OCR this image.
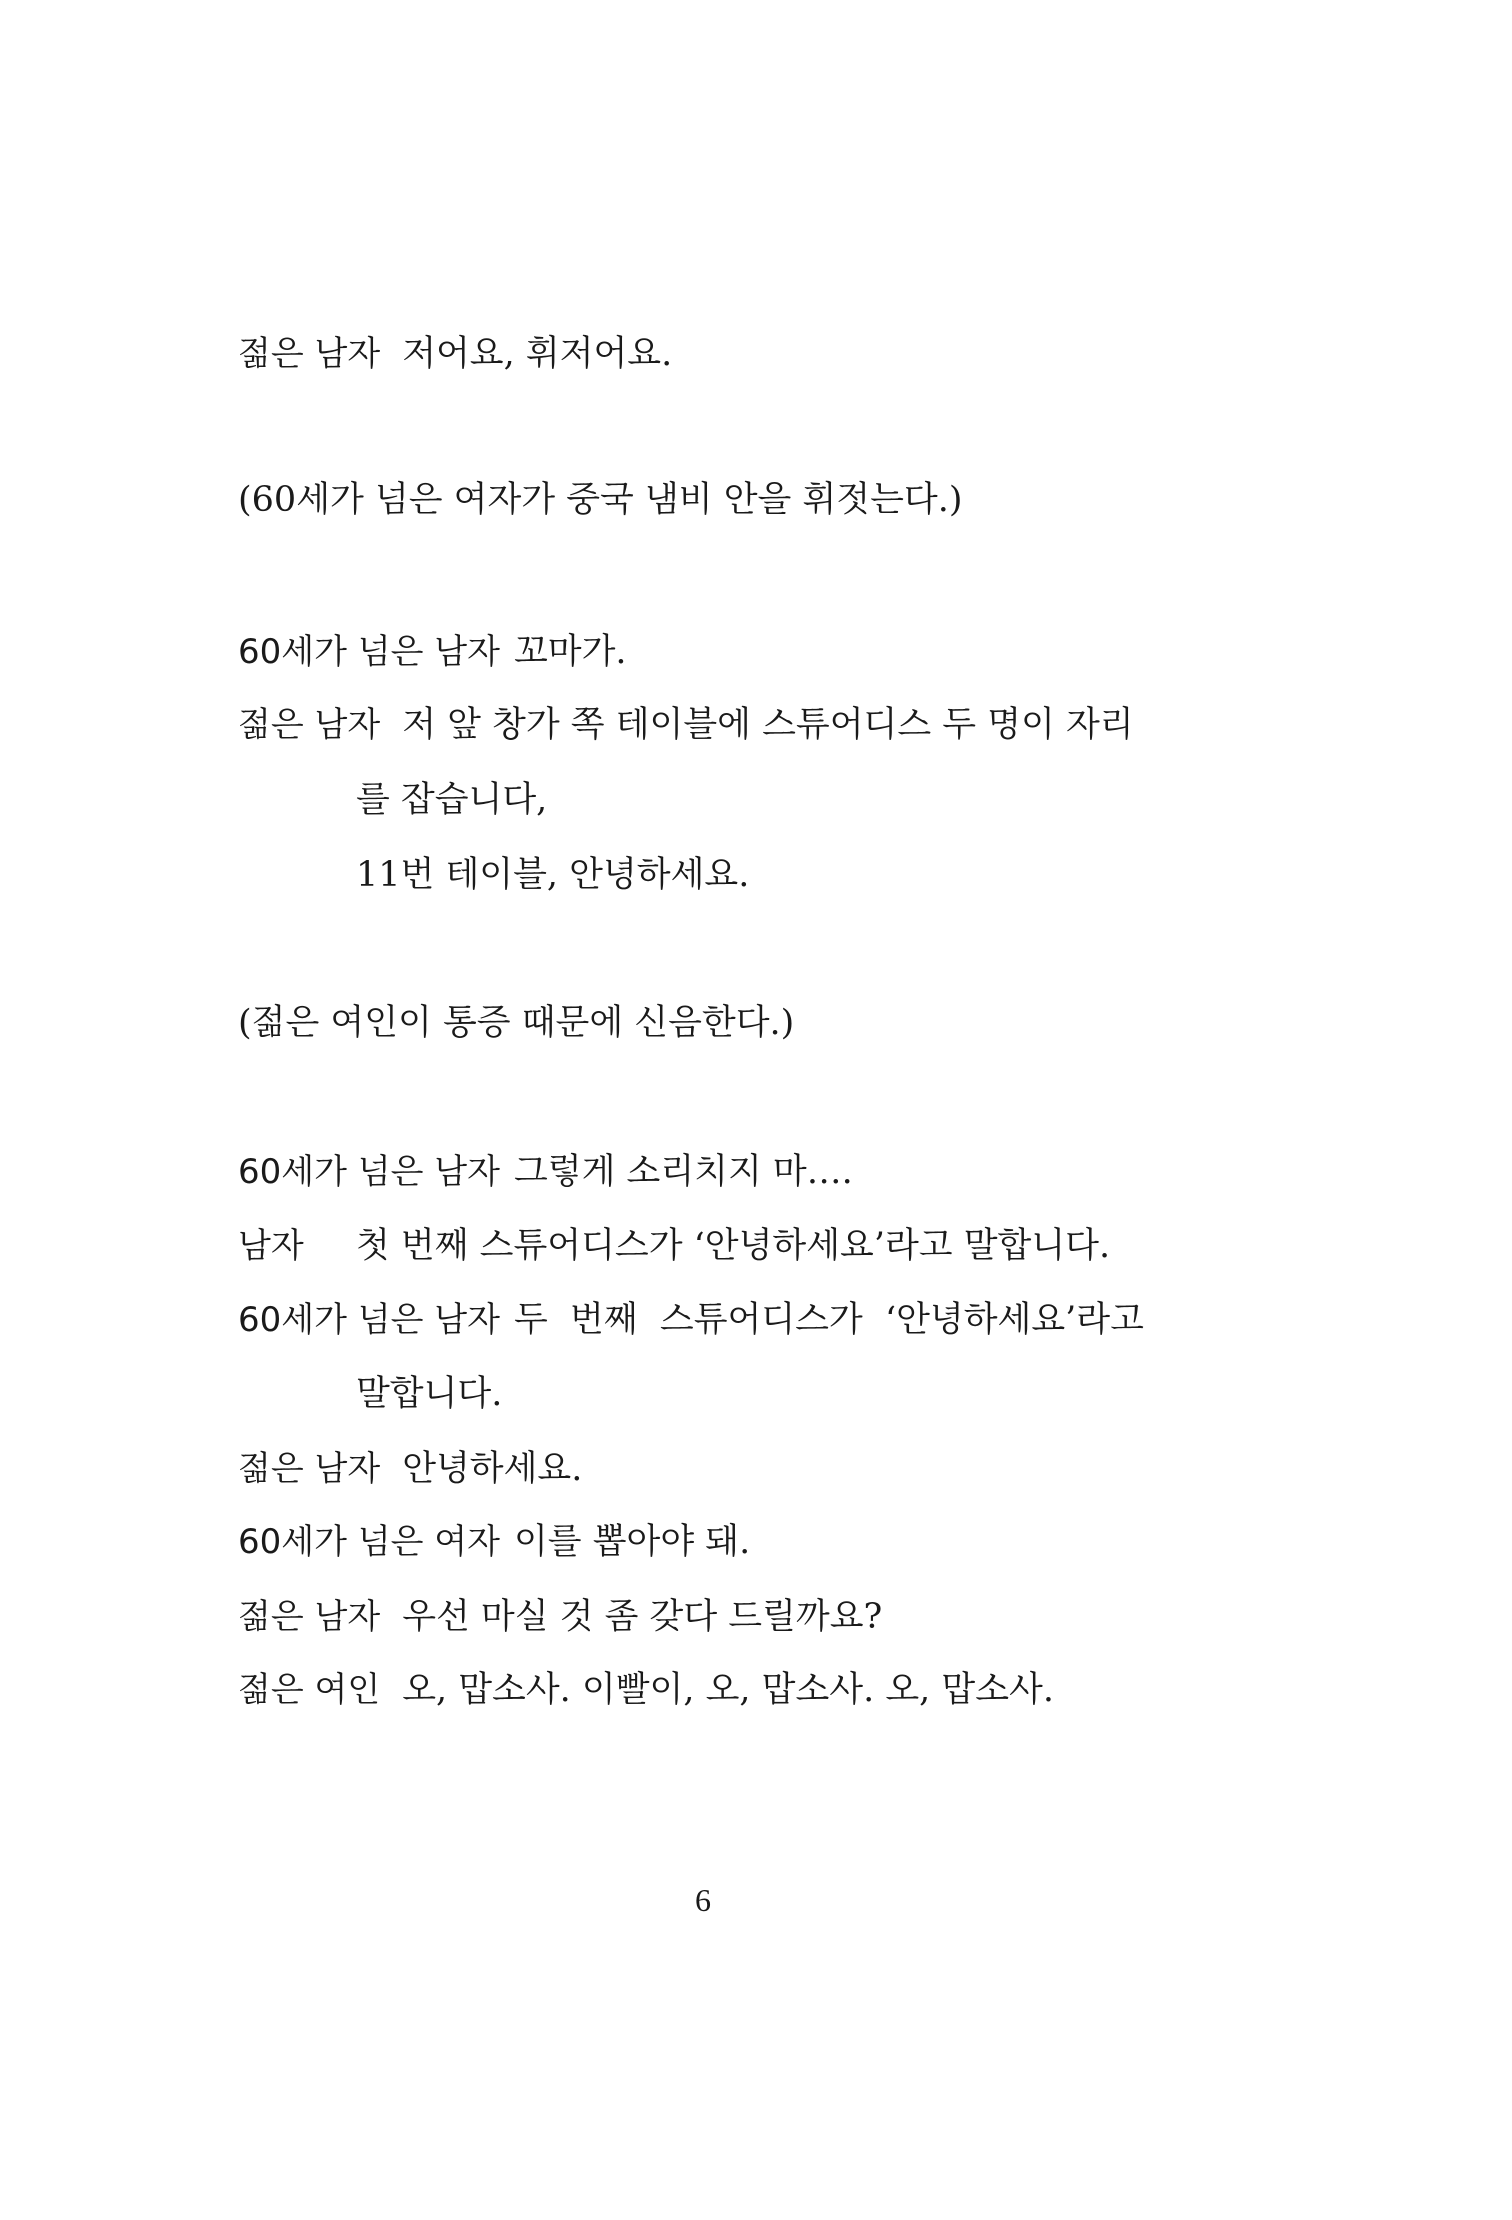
젊은 남자 저어요, 휘저어요.
(60세가 넘은 여자가 중국 냄비 안을 휘젓는다.)
60세가 넘은 남자 꼬마가.
젊은 남자 저 앞 창가 쪽 테이블에 스튜어디스 두 명이 자리
를 잡습니다,
11번 테이블, 안녕하세요.
(젊은 여인이 통증 때문에 신음한다.)
60세가 넘은 남자 그렇게 소리치지 마….
남자 첫 번째 스튜어디스가 ‘안녕하세요’라고 말합니다.
60세가 넘은 남자 두  번째  스튜어디스가  ‘안녕하세요’라고
말합니다.
젊은 남자 안녕하세요.
60세가 넘은 여자 이를 뽑아야 돼.
젊은 남자 우선 마실 것 좀 갖다 드릴까요?
젊은 여인 오, 맙소사. 이빨이, 오, 맙소사. 오, 맙소사.
6
